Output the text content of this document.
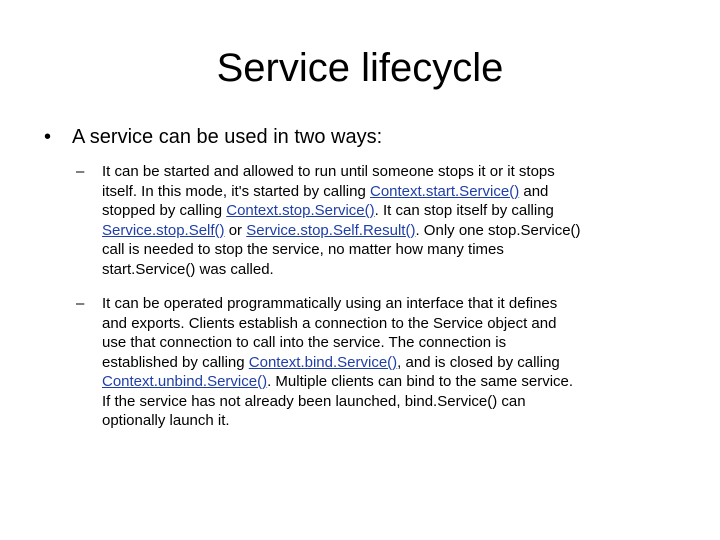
Service lifecycle
• A service can be used in two ways:
– It can be started and allowed to run until someone stops it or it stops
itself. In this mode, it's started by calling Context.start.Service() and
stopped by calling Context.stop.Service(). It can stop itself by calling
Service.stop.Self() or Service.stop.Self.Result(). Only one stop.Service()
call is needed to stop the service, no matter how many times
start.Service() was called.
– It can be operated programmatically using an interface that it defines
and exports. Clients establish a connection to the Service object and
use that connection to call into the service. The connection is
established by calling Context.bind.Service(), and is closed by calling
Context.unbind.Service(). Multiple clients can bind to the same service.
If the service has not already been launched, bind.Service() can
optionally launch it.
